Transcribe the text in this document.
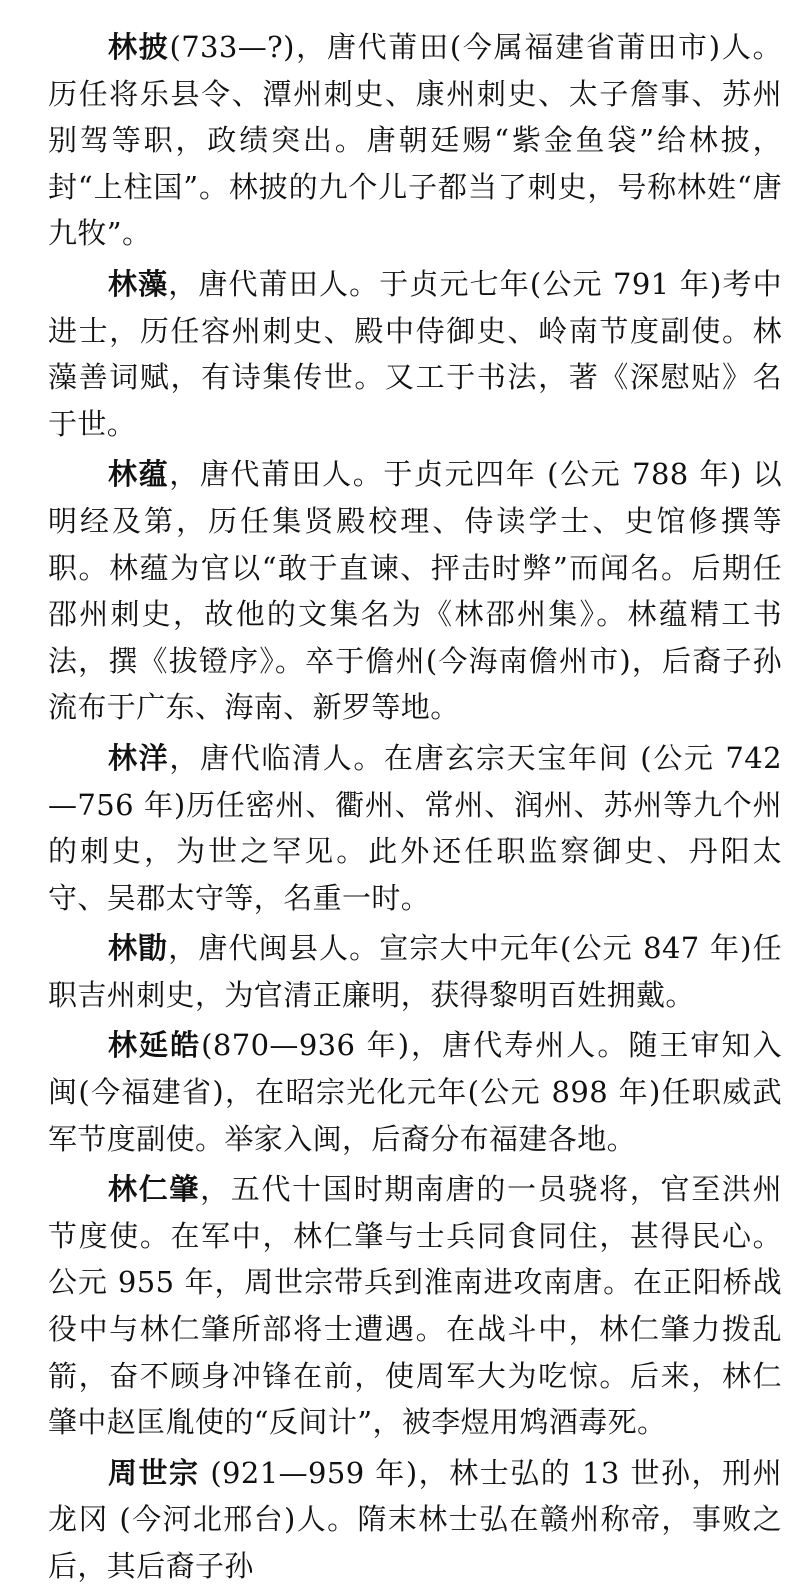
林披(733—?)，唐代莆田(今属福建省莆田市)人。历任将乐县令、潭州刺史、康州刺史、太子詹事、苏州别驾等职，政绩突出。唐朝廷赐“紫金鱼袋”给林披，封“上柱国”。林披的九个儿子都当了刺史，号称林姓“唐九牧”。

林藻，唐代莆田人。于贞元七年(公元 791 年)考中进士，历任容州刺史、殿中侍御史、岭南节度副使。林藻善词赋，有诗集传世。又工于书法，著《深慰贴》名于世。

林蕴，唐代莆田人。于贞元四年 (公元 788 年) 以明经及第，历任集贤殿校理、侍读学士、史馆修撰等职。林蕴为官以“敢于直谏、抨击时弊”而闻名。后期任邵州刺史，故他的文集名为《林邵州集》。林蕴精工书法，撰《拔镫序》。卒于儋州(今海南儋州市)，后裔子孙流布于广东、海南、新罗等地。

林洋，唐代临清人。在唐玄宗天宝年间 (公元 742—756 年)历任密州、衢州、常州、润州、苏州等九个州的刺史，为世之罕见。此外还任职监察御史、丹阳太守、吴郡太守等，名重一时。

林勖，唐代闽县人。宣宗大中元年(公元 847 年)任职吉州刺史，为官清正廉明，获得黎明百姓拥戴。

林延皓(870—936 年)，唐代寿州人。随王审知入闽(今福建省)，在昭宗光化元年(公元 898 年)任职威武军节度副使。举家入闽，后裔分布福建各地。

林仁肇，五代十国时期南唐的一员骁将，官至洪州节度使。在军中，林仁肇与士兵同食同住，甚得民心。公元 955 年，周世宗带兵到淮南进攻南唐。在正阳桥战役中与林仁肇所部将士遭遇。在战斗中，林仁肇力拨乱箭，奋不顾身冲锋在前，使周军大为吃惊。后来，林仁肇中赵匡胤使的“反间计”，被李煜用鸩酒毒死。

周世宗 (921—959 年)，林士弘的 13 世孙，刑州龙冈 (今河北邢台)人。隋末林士弘在赣州称帝，事败之后，其后裔子孙
